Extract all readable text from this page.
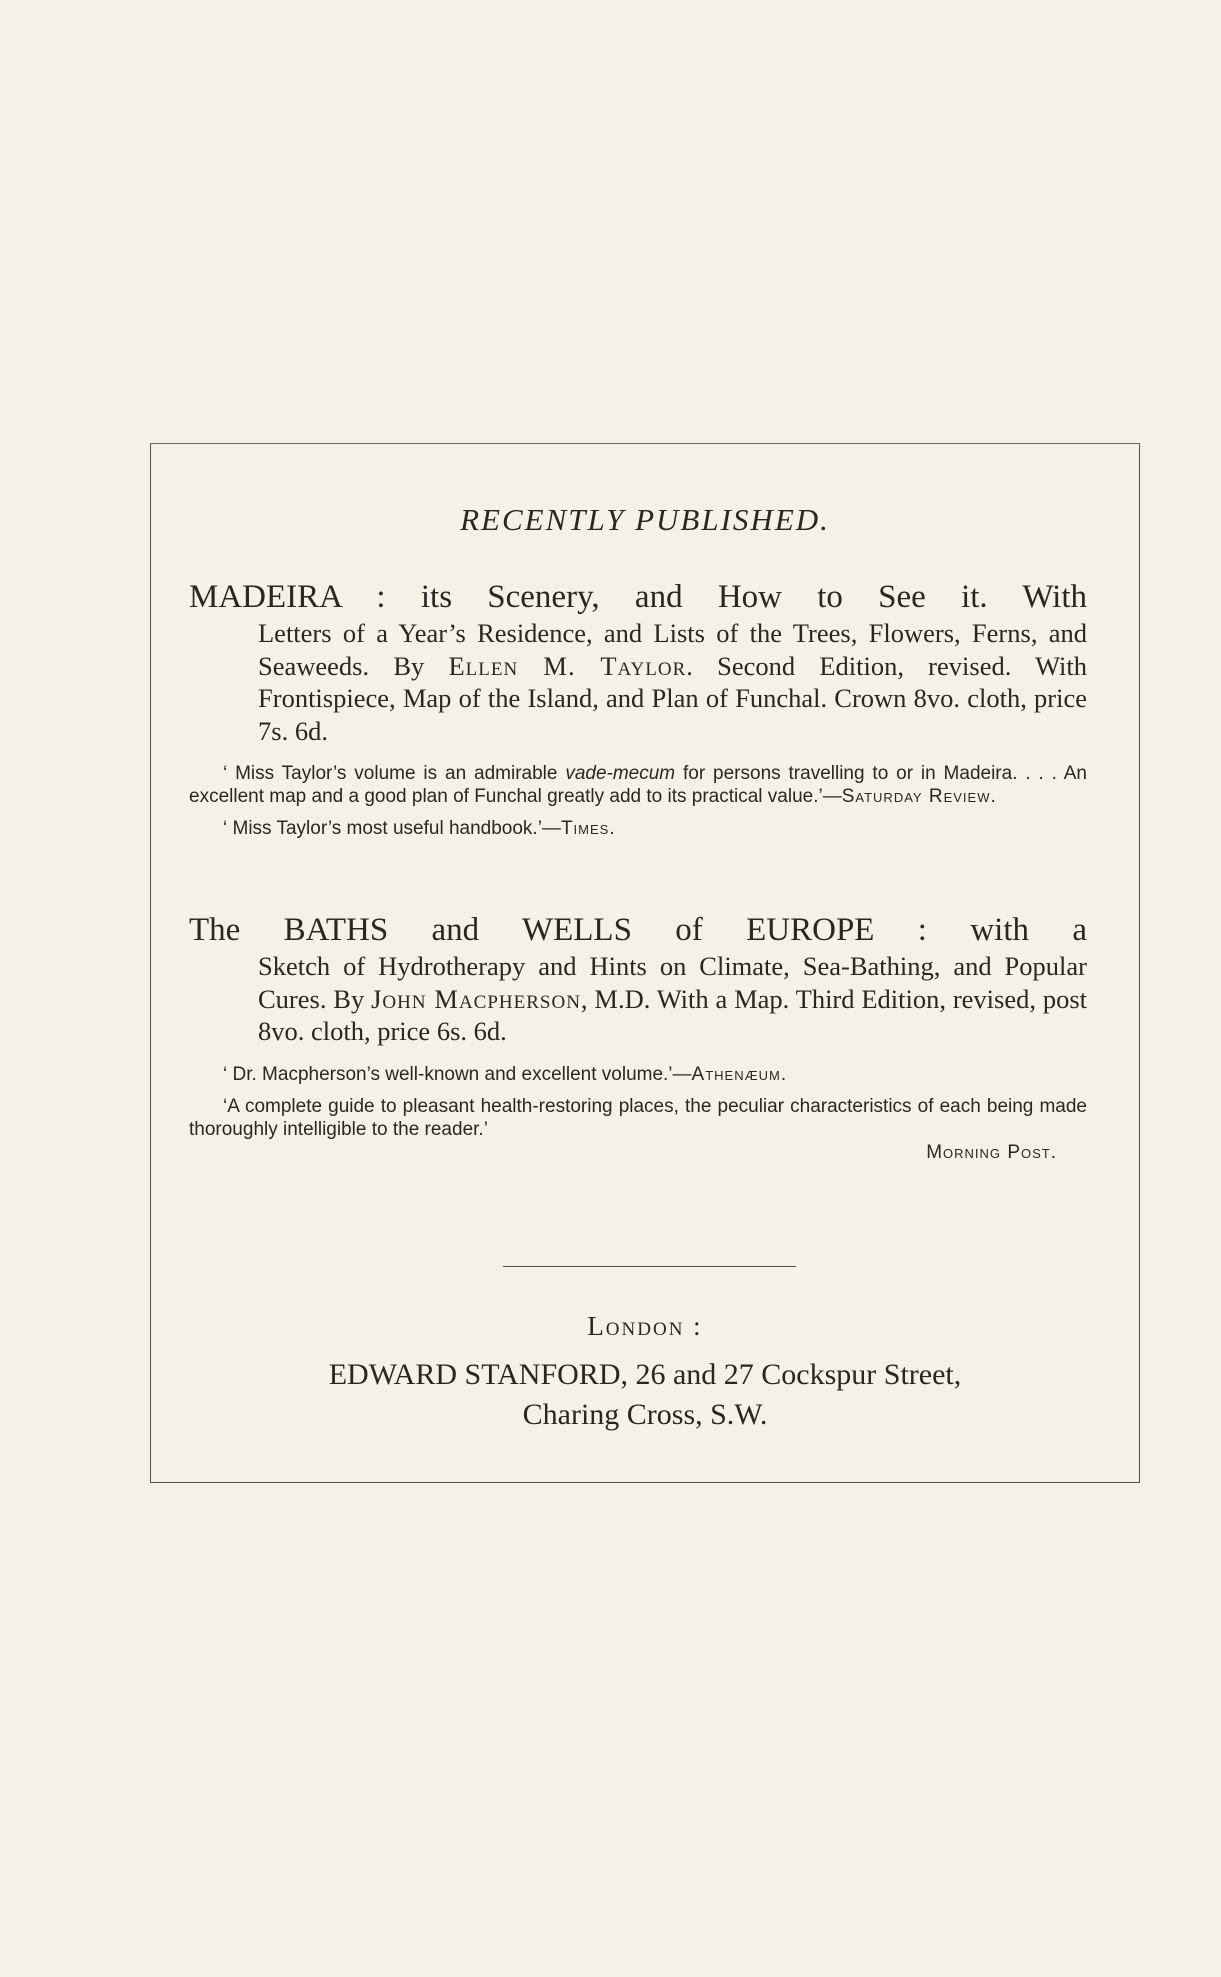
RECENTLY PUBLISHED.
MADEIRA : its Scenery, and How to See it. With
Letters of a Year’s Residence, and Lists of the Trees, Flowers, Ferns, and Seaweeds. By Ellen M. Taylor. Second Edition, revised. With Frontispiece, Map of the Island, and Plan of Funchal. Crown 8vo. cloth, price 7s. 6d.

‘ Miss Taylor’s volume is an admirable vade-mecum for persons travelling to or in Madeira. . . . An excellent map and a good plan of Funchal greatly add to its practical value.’—Saturday Review.

‘ Miss Taylor’s most useful handbook.’—Times.

The BATHS and WELLS of EUROPE : with a
Sketch of Hydrotherapy and Hints on Climate, Sea-Bathing, and Popular Cures. By John Macpherson, M.D. With a Map. Third Edition, revised, post 8vo. cloth, price 6s. 6d.

‘ Dr. Macpherson’s well-known and excellent volume.’—Athenæum.

‘A complete guide to pleasant health-restoring places, the peculiar characteristics of each being made thoroughly intelligible to the reader.’

Morning Post.
London :
EDWARD STANFORD, 26 and 27 Cockspur Street,
Charing Cross, S.W.
